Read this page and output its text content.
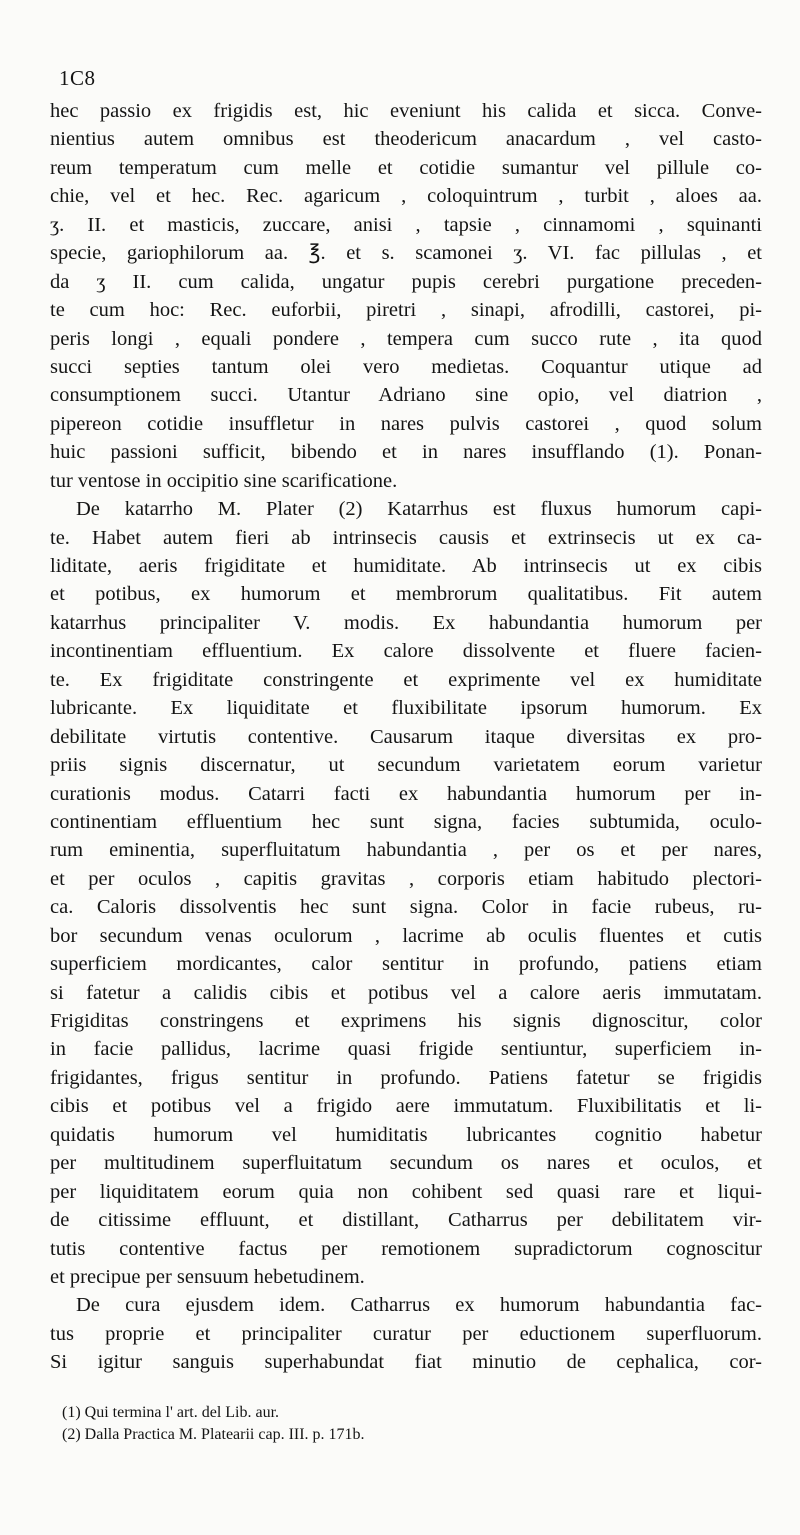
1C8
hec passio ex frigidis est, hic eveniunt his calida et sicca. Conve-
nientius autem omnibus est theodericum anacardum , vel casto-
reum temperatum cum melle et cotidie sumantur vel pillule co-
chie, vel et hec. Rec. agaricum , coloquintrum , turbit , aloes aa.
ʒ. II. et masticis, zuccare, anisi , tapsie , cinnamomi , squinanti
specie, gariophilorum aa. ℥. et s. scamonei ʒ. VI. fac pillulas , et
da ʒ II. cum calida, ungatur pupis cerebri purgatione preceden-
te cum hoc: Rec. euforbii, piretri , sinapi, afrodilli, castorei, pi-
peris longi , equali pondere , tempera cum succo rute , ita quod
succi septies tantum olei vero medietas. Coquantur utique ad
consumptionem succi. Utantur Adriano sine opio, vel diatrion ,
pipereon cotidie insuffletur in nares pulvis castorei , quod solum
huic passioni sufficit, bibendo et in nares insufflando (1). Ponan-
tur ventose in occipitio sine scarificatione.
De katarrho M. Plater (2) Katarrhus est fluxus humorum capi-
te. Habet autem fieri ab intrinsecis causis et extrinsecis ut ex ca-
liditate, aeris frigiditate et humiditate. Ab intrinsecis ut ex cibis
et potibus, ex humorum et membrorum qualitatibus. Fit autem
katarrhus principaliter V. modis. Ex habundantia humorum per
incontinentiam effluentium. Ex calore dissolvente et fluere facien-
te. Ex frigiditate constringente et exprimente vel ex humiditate
lubricante. Ex liquiditate et fluxibilitate ipsorum humorum. Ex
debilitate virtutis contentive. Causarum itaque diversitas ex pro-
priis signis discernatur, ut secundum varietatem eorum varietur
curationis modus. Catarri facti ex habundantia humorum per in-
continentiam effluentium hec sunt signa, facies subtumida, oculo-
rum eminentia, superfluitatum habundantia , per os et per nares,
et per oculos , capitis gravitas , corporis etiam habitudo plectori-
ca. Caloris dissolventis hec sunt signa. Color in facie rubeus, ru-
bor secundum venas oculorum , lacrime ab oculis fluentes et cutis
superficiem mordicantes, calor sentitur in profundo, patiens etiam
si fatetur a calidis cibis et potibus vel a calore aeris immutatam.
Frigiditas constringens et exprimens his signis dignoscitur, color
in facie pallidus, lacrime quasi frigide sentiuntur, superficiem in-
frigidantes, frigus sentitur in profundo. Patiens fatetur se frigidis
cibis et potibus vel a frigido aere immutatum. Fluxibilitatis et li-
quidatis humorum vel humiditatis lubricantes cognitio habetur
per multitudinem superfluitatum secundum os nares et oculos, et
per liquiditatem eorum quia non cohibent sed quasi rare et liqui-
de citissime effluunt, et distillant, Catharrus per debilitatem vir-
tutis contentive factus per remotionem supradictorum cognoscitur
et precipue per sensuum hebetudinem.
De cura ejusdem idem. Catharrus ex humorum habundantia fac-
tus proprie et principaliter curatur per eductionem superfluorum.
Si igitur sanguis superhabundat fiat minutio de cephalica, cor-
(1) Qui termina l' art. del Lib. aur.
(2) Dalla Practica M. Platearii cap. III. p. 171b.
